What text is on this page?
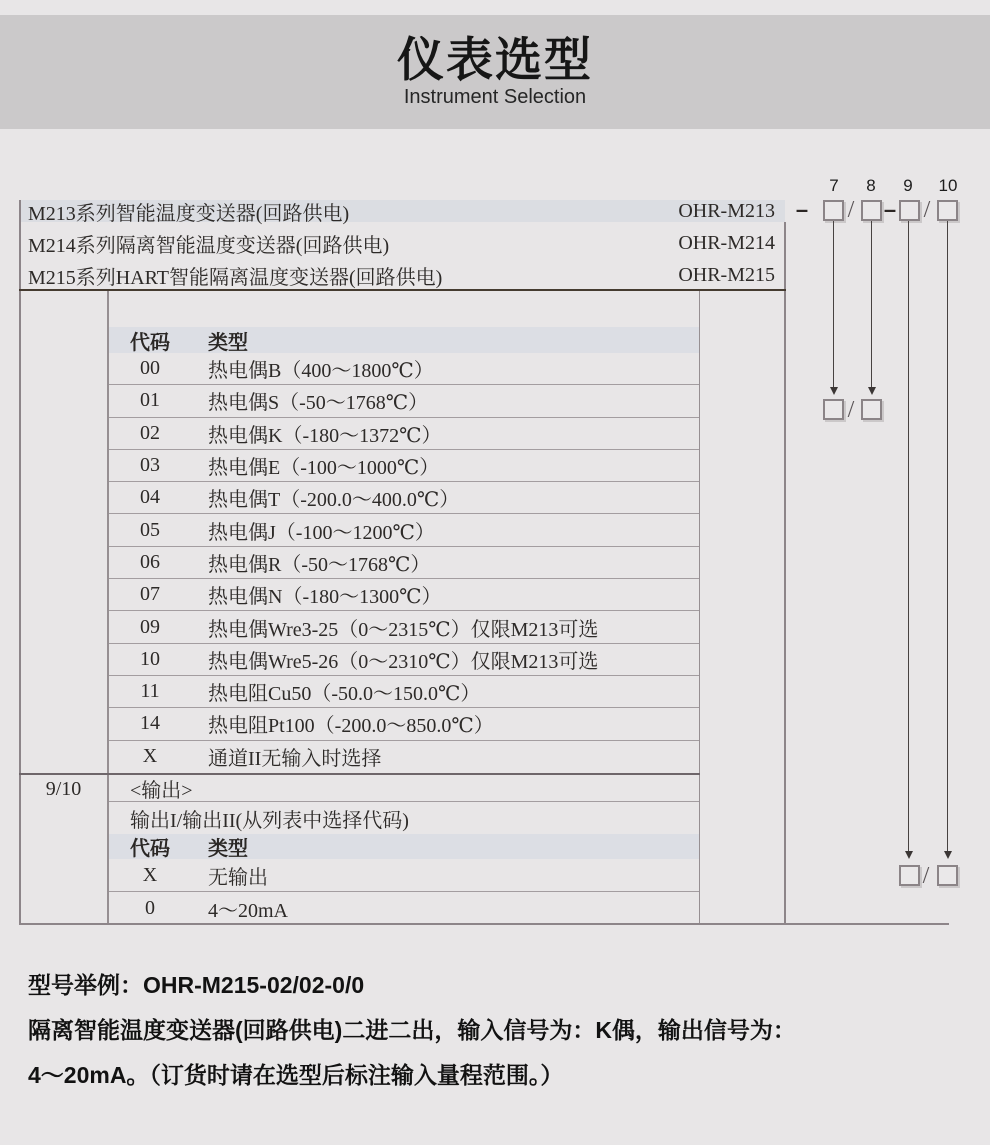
仪表选型
Instrument Selection
M213系列智能温度变送器(回路供电)	OHR-M213
M214系列隔离智能温度变送器(回路供电)	OHR-M214
M215系列HART智能隔离温度变送器(回路供电)	OHR-M215
7	8	9	10
–	–
/	/
/
/
代码	类型
00	热电偶B（400～1800℃）
01	热电偶S（-50～1768℃）
02	热电偶K（-180～1372℃）
03	热电偶E（-100～1000℃）
04	热电偶T（-200.0～400.0℃）
05	热电偶J（-100～1200℃）
06	热电偶R（-50～1768℃）
07	热电偶N（-180～1300℃）
09	热电偶Wre3-25（0～2315℃）仅限M213可选
10	热电偶Wre5-26（0～2310℃）仅限M213可选
11	热电阻Cu50（-50.0～150.0℃）
14	热电阻Pt100（-200.0～850.0℃）
X	通道II无输入时选择
9/10	<输出>
输出I/输出II(从列表中选择代码)
代码	类型
X	无输出
0	4～20mA
型号举例：OHR-M215-02/02-0/0
隔离智能温度变送器(回路供电)二进二出，输入信号为：K偶，输出信号为：
4～20mA。（订货时请在选型后标注输入量程范围。）
